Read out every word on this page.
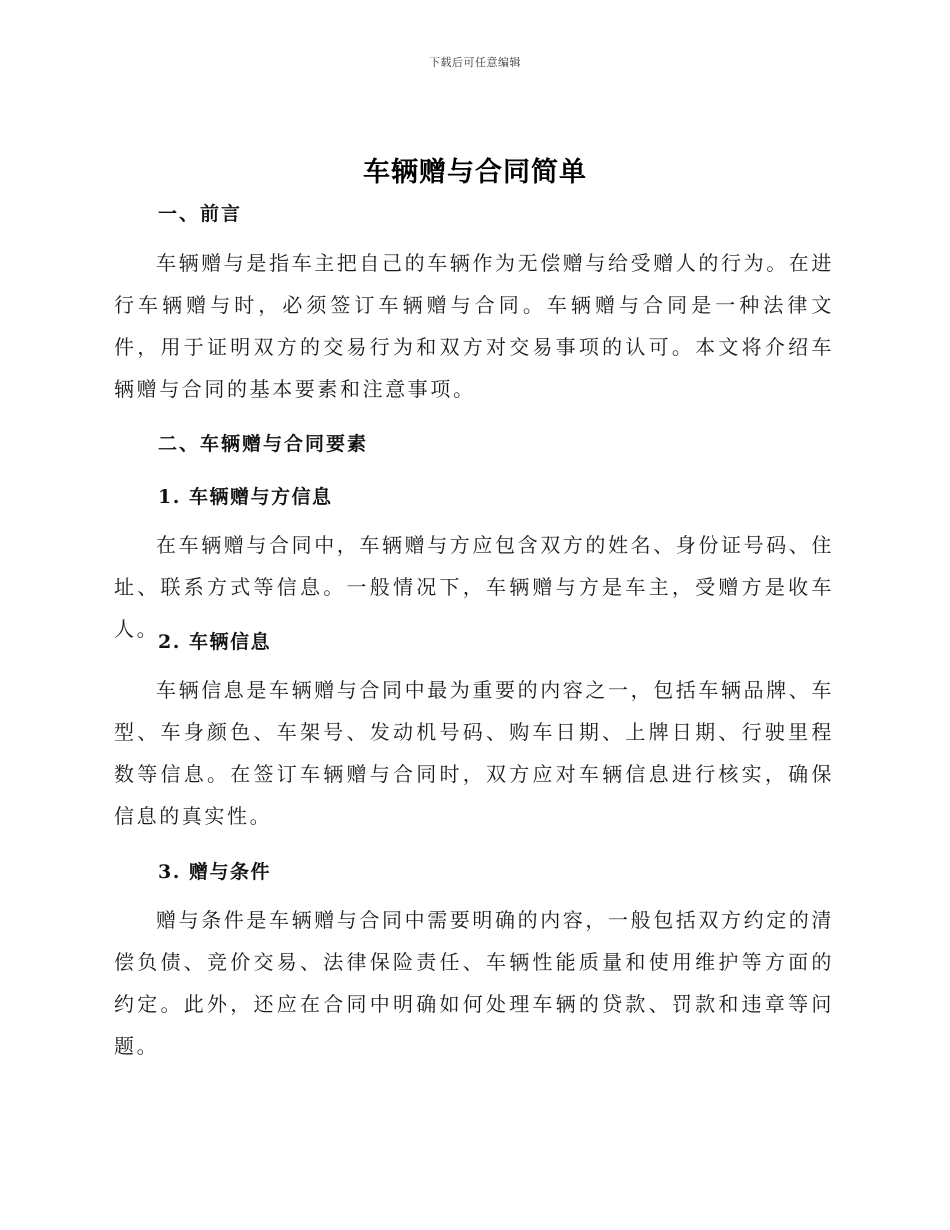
下载后可任意编辑
车辆赠与合同简单
一、前言

车辆赠与是指车主把自己的车辆作为无偿赠与给受赠人的行为。在进行车辆赠与时，必须签订车辆赠与合同。车辆赠与合同是一种法律文件，用于证明双方的交易行为和双方对交易事项的认可。本文将介绍车辆赠与合同的基本要素和注意事项。

二、车辆赠与合同要素
1. 车辆赠与方信息

在车辆赠与合同中，车辆赠与方应包含双方的姓名、身份证号码、住址、联系方式等信息。一般情况下，车辆赠与方是车主，受赠方是收车人。

2. 车辆信息

车辆信息是车辆赠与合同中最为重要的内容之一，包括车辆品牌、车型、车身颜色、车架号、发动机号码、购车日期、上牌日期、行驶里程数等信息。在签订车辆赠与合同时，双方应对车辆信息进行核实，确保信息的真实性。

3. 赠与条件

赠与条件是车辆赠与合同中需要明确的内容，一般包括双方约定的清偿负债、竞价交易、法律保险责任、车辆性能质量和使用维护等方面的约定。此外，还应在合同中明确如何处理车辆的贷款、罚款和违章等问题。
